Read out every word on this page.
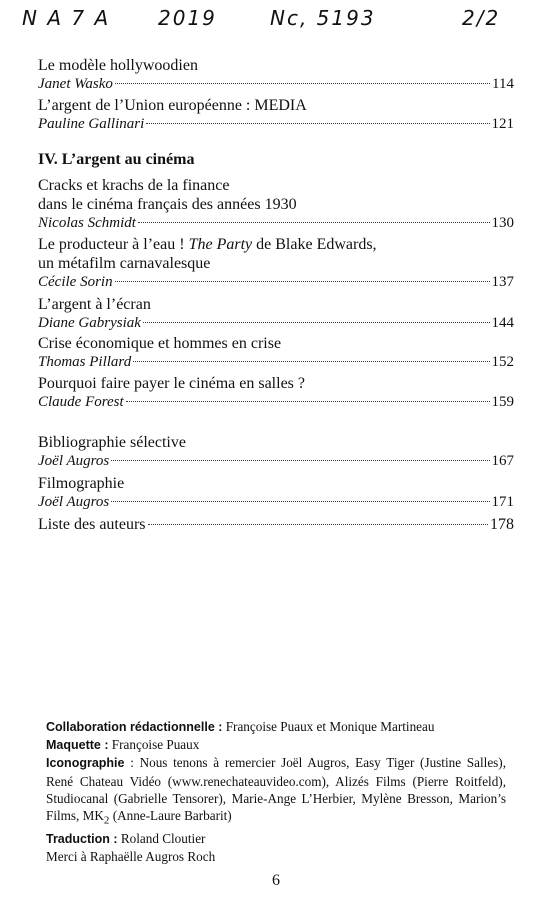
N A 7 A 2019	Nc, 5193	2/2
Le modèle hollywoodien
Janet Wasko	114
L’argent de l’Union européenne : MEDIA
Pauline Gallinari	121
IV. L’argent au cinéma
Cracks et krachs de la finance
dans le cinéma français des années 1930
Nicolas Schmidt	130
Le producteur à l’eau ! The Party de Blake Edwards,
un métafilm carnavalesque
Cécile Sorin	137
L’argent à l’écran
Diane Gabrysiak	144
Crise économique et hommes en crise
Thomas Pillard	152
Pourquoi faire payer le cinéma en salles ?
Claude Forest	159
Bibliographie sélective
Joël Augros	167
Filmographie
Joël Augros	171
Liste des auteurs	178

Collaboration rédactionnelle : Françoise Puaux et Monique Martineau

Maquette : Françoise Puaux

Iconographie : Nous tenons à remercier Joël Augros, Easy Tiger (Justine Salles), René Chateau Vidéo (www.renechateauvideo.com), Alizés Films (Pierre Roitfeld), Studiocanal (Gabrielle Tensorer), Marie-Ange L’Herbier, Mylène Bresson, Marion’s Films, $MK_2$ (Anne-Laure Barbarit)

Traduction : Roland Cloutier

Merci à Raphaëlle Augros Roch

6
